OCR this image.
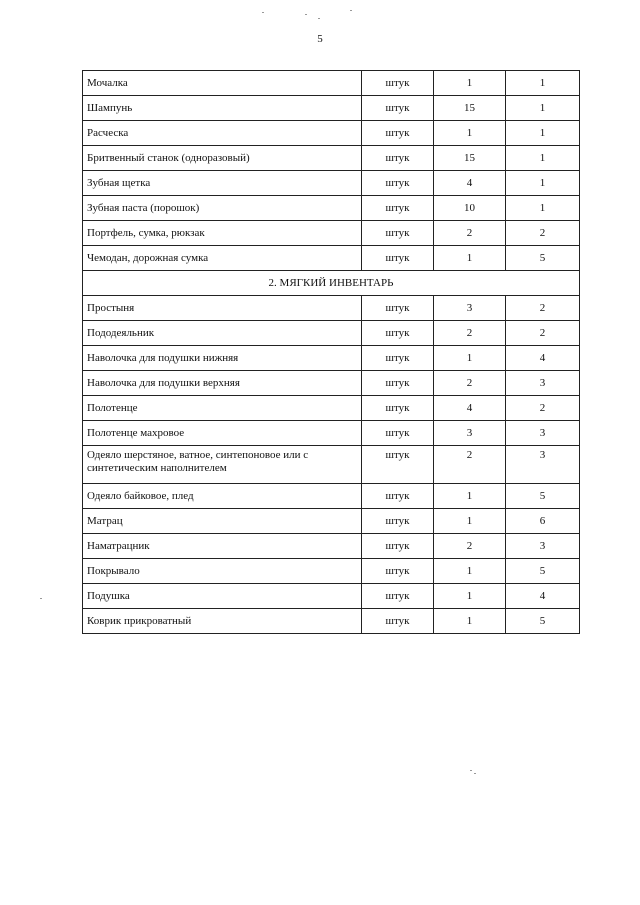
5
Мочалка	штук	1	1
Шампунь	штук	15	1
Расческа	штук	1	1
Бритвенный станок (одноразовый)	штук	15	1
Зубная щетка	штук	4	1
Зубная паста (порошок)	штук	10	1
Портфель, сумка, рюкзак	штук	2	2
Чемодан, дорожная сумка	штук	1	5
2. МЯГКИЙ ИНВЕНТАРЬ			
Простыня	штук	3	2
Пододеяльник	штук	2	2
Наволочка для подушки нижняя	штук	1	4
Наволочка для подушки верхняя	штук	2	3
Полотенце	штук	4	2
Полотенце махровое	штук	3	3
Одеяло шерстяное, ватное, синтепоновое или с синтетическим наполнителем	штук	2	3
Одеяло байковое, плед	штук	1	5
Матрац	штук	1	6
Наматрацник	штук	2	3
Покрывало	штук	1	5
Подушка	штук	1	4
Коврик прикроватный	штук	1	5
